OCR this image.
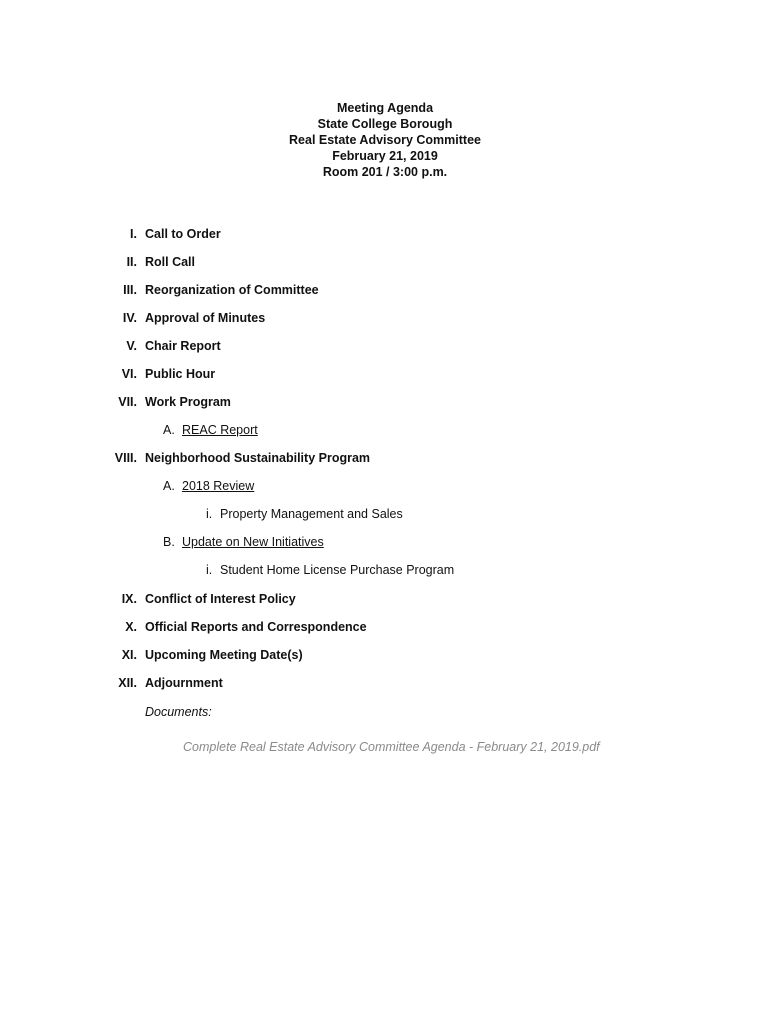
Meeting Agenda
State College Borough
Real Estate Advisory Committee
February 21, 2019
Room 201 / 3:00 p.m.
I. Call to Order
II. Roll Call
III. Reorganization of Committee
IV. Approval of Minutes
V. Chair Report
VI. Public Hour
VII. Work Program
A. REAC Report
VIII. Neighborhood Sustainability Program
A. 2018 Review
i. Property Management and Sales
B. Update on New Initiatives
i. Student Home License Purchase Program
IX. Conflict of Interest Policy
X. Official Reports and Correspondence
XI. Upcoming Meeting Date(s)
XII. Adjournment
Documents:
Complete Real Estate Advisory Committee Agenda - February 21, 2019.pdf
